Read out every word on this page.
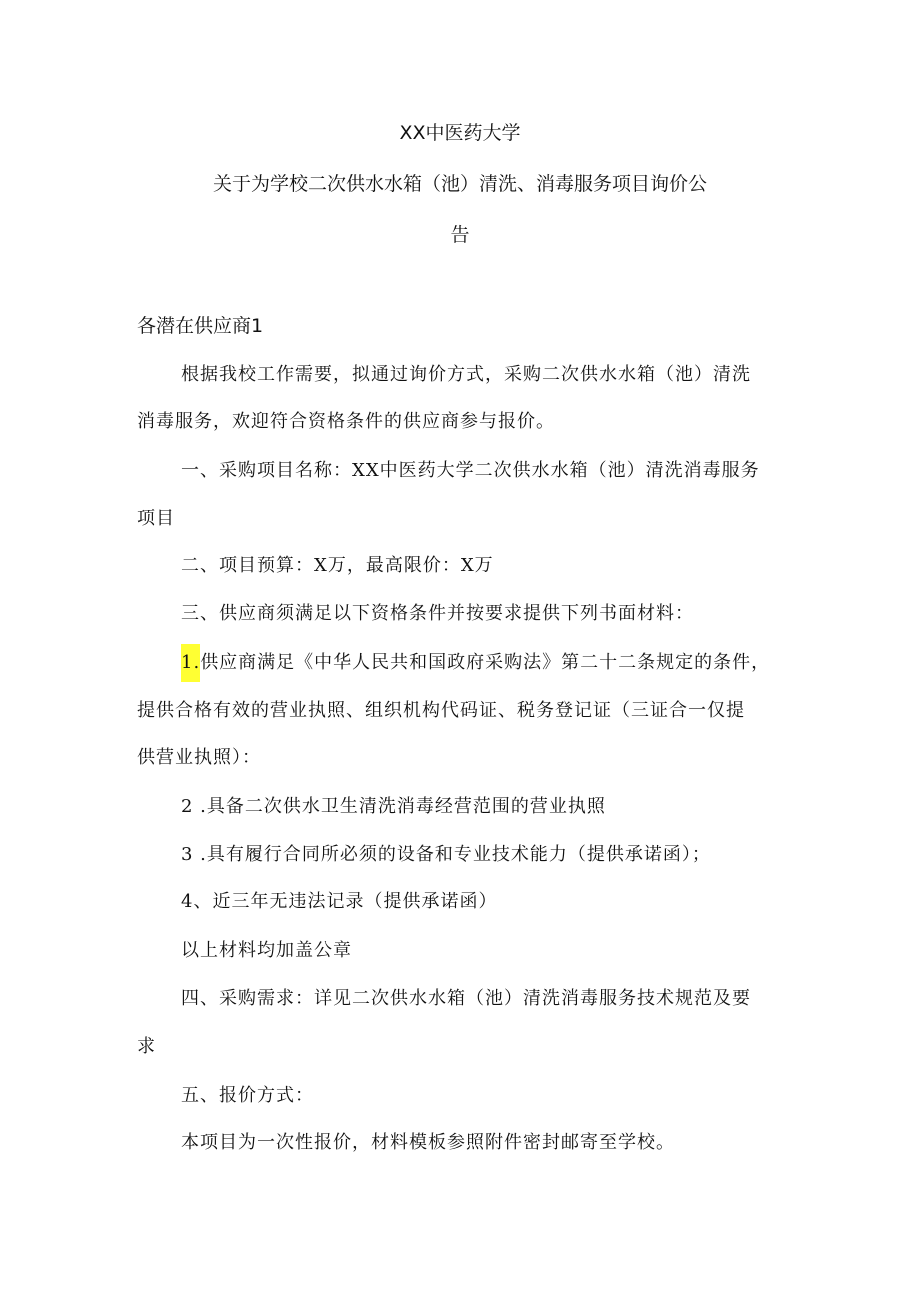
XX中医药大学

关于为学校二次供水水箱（池）清洗、消毒服务项目询价公

告

各潜在供应商1

根据我校工作需要，拟通过询价方式，采购二次供水水箱（池）清洗

消毒服务，欢迎符合资格条件的供应商参与报价。

一、采购项目名称：XX中医药大学二次供水水箱（池）清洗消毒服务

项目

二、项目预算：X万，最高限价：X万

三、供应商须满足以下资格条件并按要求提供下列书面材料：

1.供应商满足《中华人民共和国政府采购法》第二十二条规定的条件，

提供合格有效的营业执照、组织机构代码证、税务登记证（三证合一仅提

供营业执照）：

2 .具备二次供水卫生清洗消毒经营范围的营业执照

3 .具有履行合同所必须的设备和专业技术能力（提供承诺函）；

4、近三年无违法记录（提供承诺函）

以上材料均加盖公章

四、采购需求：详见二次供水水箱（池）清洗消毒服务技术规范及要

求

五、报价方式：

本项目为一次性报价，材料模板参照附件密封邮寄至学校。
